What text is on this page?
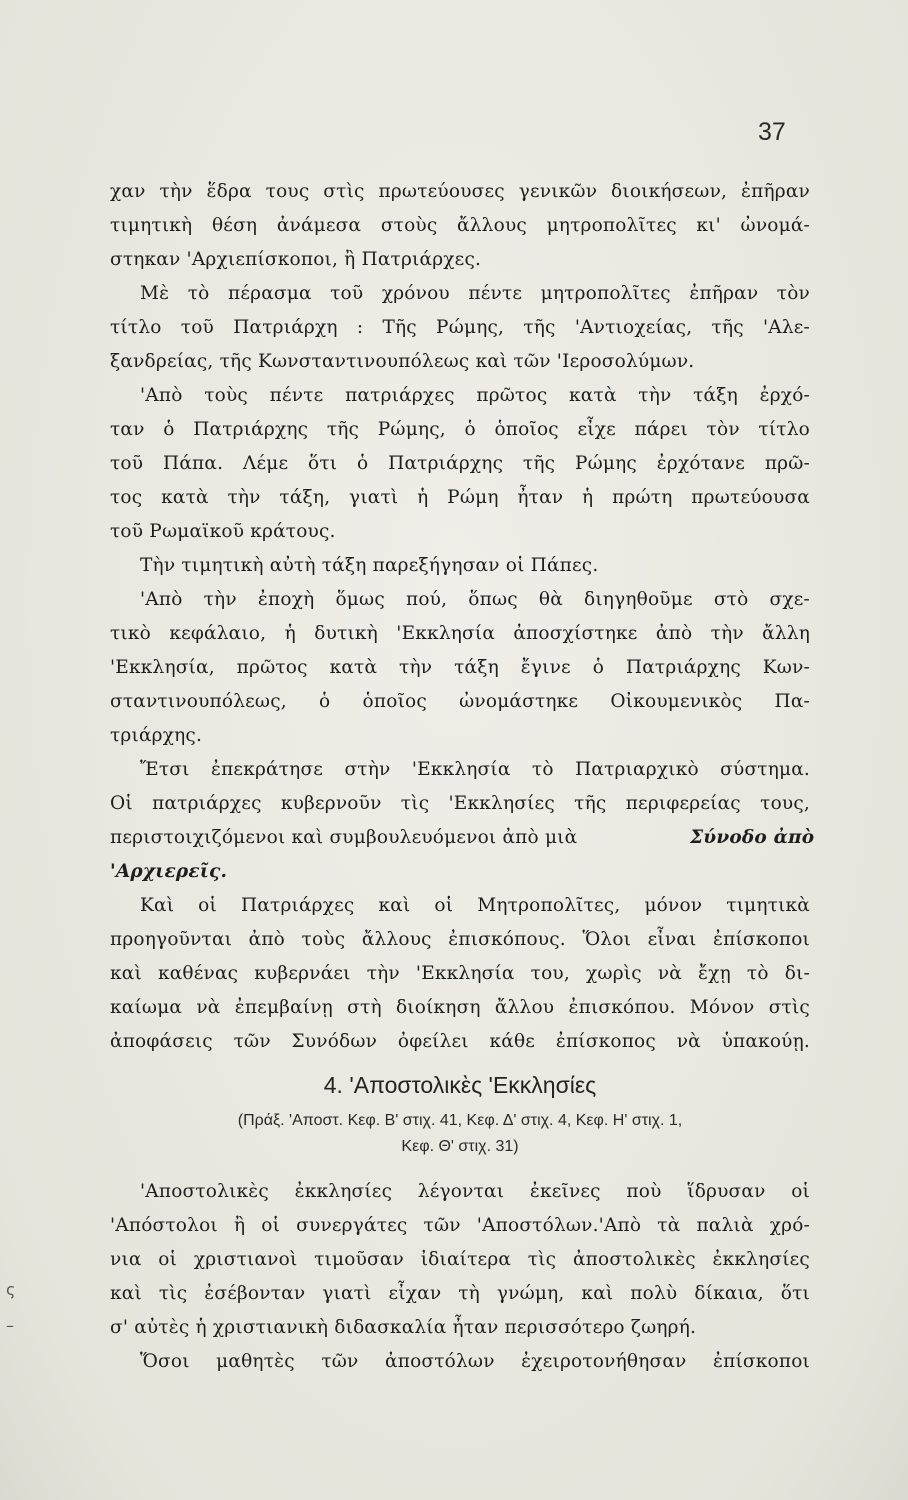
37
χαν τὴν ἕδρα τους στὶς πρωτεύουσες γενικῶν διοικήσεων, ἐπῆραν
τιμητικὴ θέση ἀνάμεσα στοὺς ἄλλους μητροπολῖτες κι' ὠνομά-
στηκαν 'Αρχιεπίσκοποι, ἢ Πατριάρχες.
Μὲ τὸ πέρασμα τοῦ χρόνου πέντε μητροπολῖτες ἐπῆραν τὸν
τίτλο τοῦ Πατριάρχη : Τῆς Ρώμης, τῆς 'Αντιοχείας, τῆς 'Αλε-
ξανδρείας, τῆς Κωνσταντινουπόλεως καὶ τῶν 'Ιεροσολύμων.
'Απὸ τοὺς πέντε πατριάρχες πρῶτος κατὰ τὴν τάξη ἐρχό-
ταν ὁ Πατριάρχης τῆς Ρώμης, ὁ ὁποῖος εἶχε πάρει τὸν τίτλο
τοῦ Πάπα. Λέμε ὅτι ὁ Πατριάρχης τῆς Ρώμης ἐρχότανε πρῶ-
τος κατὰ τὴν τάξη, γιατὶ ἡ Ρώμη ἦταν ἡ πρώτη πρωτεύουσα
τοῦ Ρωμαϊκοῦ κράτους.
Τὴν τιμητικὴ αὐτὴ τάξη παρεξήγησαν οἱ Πάπες.
'Απὸ τὴν ἐποχὴ ὅμως πού, ὅπως θὰ διηγηθοῦμε στὸ σχε-
τικὸ κεφάλαιο, ἡ δυτικὴ 'Εκκλησία ἀποσχίστηκε ἀπὸ τὴν ἄλλη
'Εκκλησία, πρῶτος κατὰ τὴν τάξη ἔγινε ὁ Πατριάρχης Κων-
σταντινουπόλεως, ὁ ὁποῖος ὠνομάστηκε Οἰκουμενικὸς Πα-
τριάρχης.
Ἔτσι ἐπεκράτησε στὴν 'Εκκλησία τὸ Πατριαρχικὸ σύστημα.
Οἱ πατριάρχες κυβερνοῦν τὶς 'Εκκλησίες τῆς περιφερείας τους,
περιστοιχιζόμενοι καὶ συμβουλευόμενοι ἀπὸ μιὰ	Σύνοδο ἀπὸ
'Αρχιερεῖς.
Καὶ οἱ Πατριάρχες καὶ οἱ Μητροπολῖτες, μόνον τιμητικὰ
προηγοῦνται ἀπὸ τοὺς ἄλλους ἐπισκόπους. Ὅλοι εἶναι ἐπίσκοποι
καὶ καθένας κυβερνάει τὴν 'Εκκλησία του, χωρὶς νὰ ἔχῃ τὸ δι-
καίωμα νὰ ἐπεμβαίνῃ στὴ διοίκηση ἄλλου ἐπισκόπου. Μόνον στὶς
ἀποφάσεις τῶν Συνόδων ὀφείλει κάθε ἐπίσκοπος νὰ ὑπακούῃ.
4. 'Αποστολικὲς 'Εκκλησίες
(Πράξ. 'Αποστ. Κεφ. Β' στιχ. 41, Κεφ. Δ' στιχ. 4, Κεφ. Η' στιχ. 1,
Κεφ. Θ' στιχ. 31)
'Αποστολικὲς ἐκκλησίες λέγονται ἐκεῖνες ποὺ ἵδρυσαν οἱ
'Απόστολοι ἢ οἱ συνεργάτες τῶν 'Αποστόλων.'Απὸ τὰ παλιὰ χρό-
νια οἱ χριστιανοὶ τιμοῦσαν ἰδιαίτερα τὶς ἀποστολικὲς ἐκκλησίες
καὶ τὶς ἐσέβονταν γιατὶ εἶχαν τὴ γνώμη, καὶ πολὺ δίκαια, ὅτι
σ' αὐτὲς ἡ χριστιανικὴ διδασκαλία ἦταν περισσότερο ζωηρή.
Ὅσοι μαθητὲς τῶν ἀποστόλων ἐχειροτονήθησαν ἐπίσκοποι
ς
–
